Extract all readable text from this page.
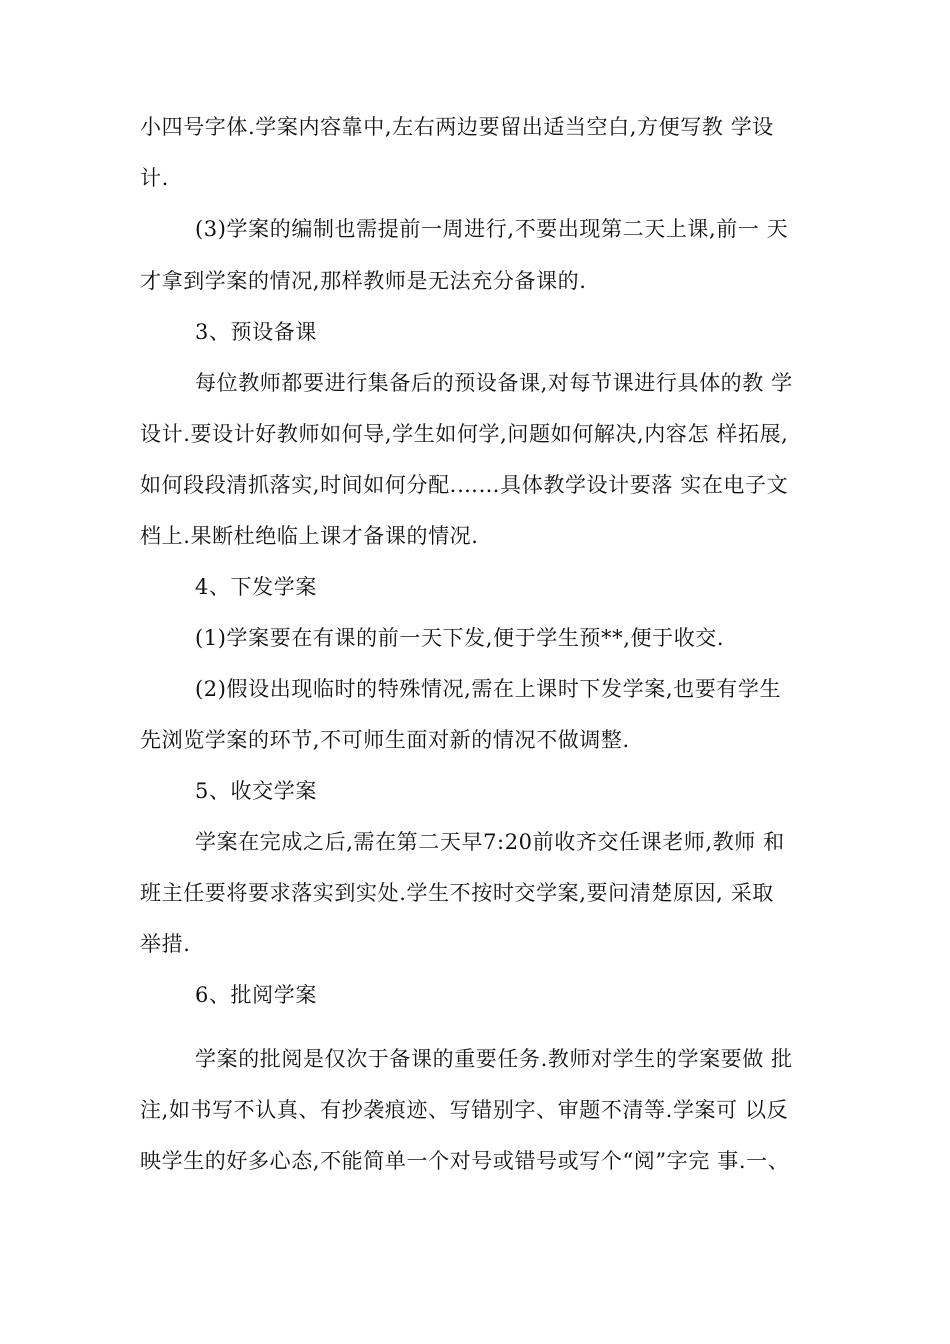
小四号字体.学案内容靠中,左右两边要留出适当空白,方便写教 学设
计.
(3)学案的编制也需提前一周进行,不要出现第二天上课,前一 天
才拿到学案的情况,那样教师是无法充分备课的.
3、预设备课
每位教师都要进行集备后的预设备课,对每节课进行具体的教 学
设计.要设计好教师如何导,学生如何学,问题如何解决,内容怎 样拓展,
如何段段清抓落实,时间如何分配.……具体教学设计要落 实在电子文
档上.果断杜绝临上课才备课的情况.
4、下发学案
(1)学案要在有课的前一天下发,便于学生预**,便于收交.
(2)假设出现临时的特殊情况,需在上课时下发学案,也要有学生
先浏览学案的环节,不可师生面对新的情况不做调整.
5、收交学案
学案在完成之后,需在第二天早7:20前收齐交任课老师,教师 和
班主任要将要求落实到实处.学生不按时交学案,要问清楚原因, 采取
举措.
6、批阅学案
学案的批阅是仅次于备课的重要任务.教师对学生的学案要做 批
注,如书写不认真、有抄袭痕迹、写错别字、审题不清等.学案可 以反
映学生的好多心态,不能简单一个对号或错号或写个“阅”字完 事.一、
